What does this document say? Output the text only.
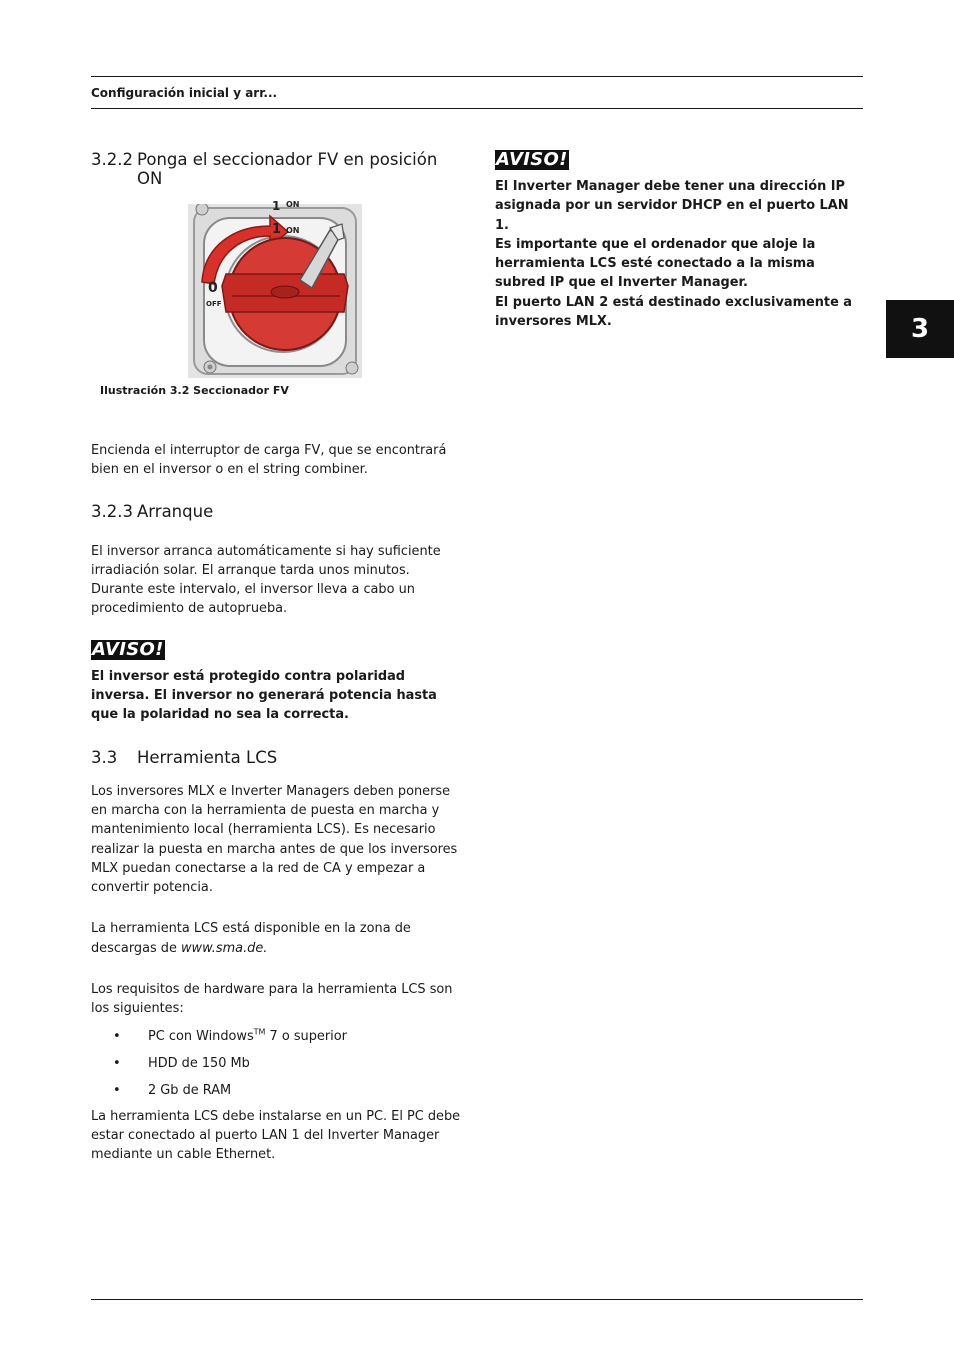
Configuración inicial y arr...
3
3.2.2 Ponga el seccionador FV en posición ON
1 ON
1 ON
0
OFF
Ilustración 3.2 Seccionador FV

Encienda el interruptor de carga FV, que se encontrará bien en el inversor o en el string combiner.

3.2.3 Arranque

El inversor arranca automáticamente si hay suficiente irradiación solar. El arranque tarda unos minutos. Durante este intervalo, el inversor lleva a cabo un procedimiento de autoprueba.

AVISO!

El inversor está protegido contra polaridad inversa. El inversor no generará potencia hasta que la polaridad no sea la correcta.

3.3	Herramienta LCS

Los inversores MLX e Inverter Managers deben ponerse en marcha con la herramienta de puesta en marcha y mantenimiento local (herramienta LCS). Es necesario realizar la puesta en marcha antes de que los inversores MLX puedan conectarse a la red de CA y empezar a convertir potencia.

La herramienta LCS está disponible en la zona de descargas de www.sma.de.

Los requisitos de hardware para la herramienta LCS son los siguientes:

• PC con Windows™ 7 o superior
• HDD de 150 Mb
• 2 Gb de RAM

La herramienta LCS debe instalarse en un PC. El PC debe estar conectado al puerto LAN 1 del Inverter Manager mediante un cable Ethernet.

AVISO!

El Inverter Manager debe tener una dirección IP asignada por un servidor DHCP en el puerto LAN 1.

Es importante que el ordenador que aloje la herramienta LCS esté conectado a la misma subred IP que el Inverter Manager.

El puerto LAN 2 está destinado exclusivamente a inversores MLX.
